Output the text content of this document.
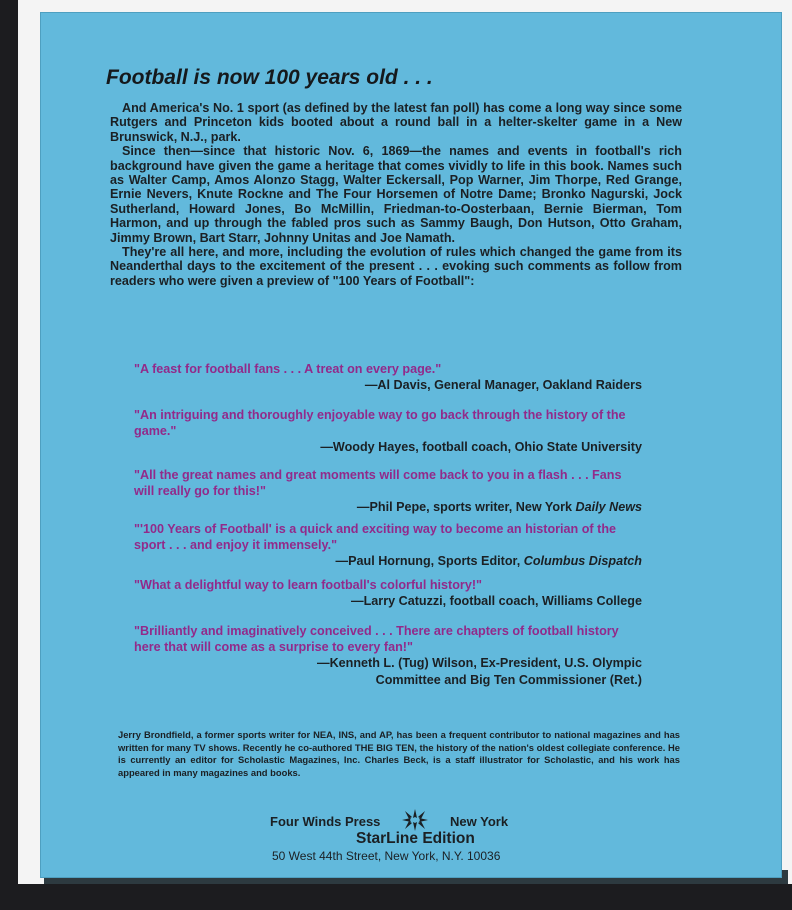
Football is now 100 years old . . .

And America's No. 1 sport (as defined by the latest fan poll) has come a long way since some Rutgers and Princeton kids booted about a round ball in a helter-skelter game in a New Brunswick, N.J., park.

Since then—since that historic Nov. 6, 1869—the names and events in football's rich background have given the game a heritage that comes vividly to life in this book. Names such as Walter Camp, Amos Alonzo Stagg, Walter Eckersall, Pop Warner, Jim Thorpe, Red Grange, Ernie Nevers, Knute Rockne and The Four Horsemen of Notre Dame; Bronko Nagurski, Jock Sutherland, Howard Jones, Bo McMillin, Friedman-to-Oosterbaan, Bernie Bierman, Tom Harmon, and up through the fabled pros such as Sammy Baugh, Don Hutson, Otto Graham, Jimmy Brown, Bart Starr, Johnny Unitas and Joe Namath.

They're all here, and more, including the evolution of rules which changed the game from its Neanderthal days to the excitement of the present . . . evoking such comments as follow from readers who were given a preview of "100 Years of Football":

"A feast for football fans . . . A treat on every page."
—Al Davis, General Manager, Oakland Raiders
"An intriguing and thoroughly enjoyable way to go back through the history of the game."
—Woody Hayes, football coach, Ohio State University
"All the great names and great moments will come back to you in a flash . . . Fans will really go for this!"
—Phil Pepe, sports writer, New York Daily News
"'100 Years of Football' is a quick and exciting way to become an historian of the sport . . . and enjoy it immensely."
—Paul Hornung, Sports Editor, Columbus Dispatch
"What a delightful way to learn football's colorful history!"
—Larry Catuzzi, football coach, Williams College
"Brilliantly and imaginatively conceived . . . There are chapters of football history here that will come as a surprise to every fan!"
—Kenneth L. (Tug) Wilson, Ex-President, U.S. Olympic
Committee and Big Ten Commissioner (Ret.)

Jerry Brondfield, a former sports writer for NEA, INS, and AP, has been a frequent contributor to national magazines and has written for many TV shows. Recently he co-authored THE BIG TEN, the history of the nation's oldest collegiate conference. He is currently an editor for Scholastic Magazines, Inc. Charles Beck, is a staff illustrator for Scholastic, and his work has appeared in many magazines and books.

Four Winds Press	New York
StarLine Edition
50 West 44th Street, New York, N.Y. 10036
